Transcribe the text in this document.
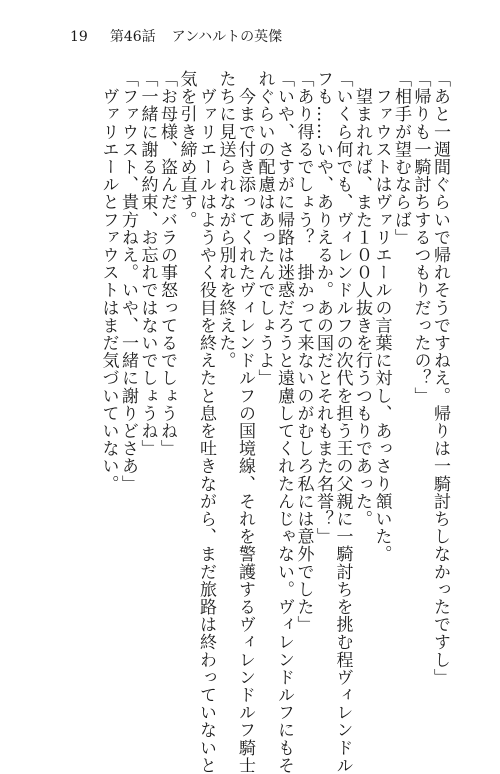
19 第46話 アンハルトの英傑
「あと一週間ぐらいで帰れそうですねえ。帰りは一騎討ちしなかったですし」
「帰りも一騎討ちするつもりだったの？」
「相手が望むならば」
　ファウストはヴァリエールの言葉に対し、あっさり頷いた。
　望まれれば、また１００人抜きを行うつもりであった。
「いくら何でも、ヴィレンドルフの次代を担う王の父親に一騎討ちを挑む程ヴィレンドル
フも……いや、ありえるか。あの国だとそれもまた名誉？」
「あり得るでしょう？　掛かって来ないのがむしろ私には意外でした」
「いや、さすがに帰路は迷惑だろうと遠慮してくれたんじゃない。ヴィレンドルフにもそ
れぐらいの配慮はあったんでしょうよ」
　今まで付き添ってくれたヴィレンドルフの国境線、それを警護するヴィレンドルフ騎士
たちに見送られながら別れを終えた。
　ヴァリエールはようやく役目を終えたと息を吐きながら、まだ旅路は終わっていないと
気を引き締め直す。
「お母様、盗んだバラの事怒ってるでしょうね」
「一緒に謝る約束、お忘れではないでしょうね」
「ファウスト、貴方ねえ。いや、一緒に謝りどさあ」
　ヴァリエールとファウストはまだ気づいていない。
